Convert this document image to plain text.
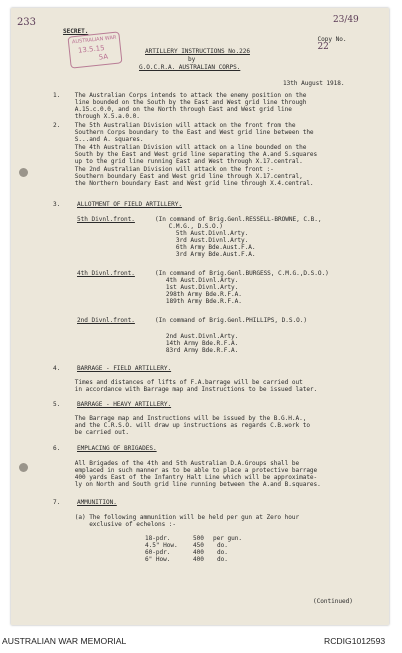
233
SECRET.
AUSTRALIAN WAR
13.5.15
5A
23/49

Copy No.
22

ARTILLERY INSTRUCTIONS No.226
by
G.O.C.R.A. AUSTRALIAN CORPS.
13th August 1918.
1.    The Australian Corps intends to attack the enemy position on the
line bounded on the South by the East and West grid line through
A.15.c.0.0, and on the North through East and West grid line
through X.5.a.0.0.
2.    The 5th Australian Division will attack on the front from the
Southern Corps boundary to the East and West grid line between the
S...and A. squares.
The 4th Australian Division will attack on a line bounded on the
South by the East and West grid line separating the A.and S.squares
up to the grid line running East and West through X.17.central.
The 2nd Australian Division will attack on the front :-
Southern boundary East and West grid line through X.17.central,
the Northern boundary East and West grid line through X.4.central.
3.	ALLOTMENT OF FIELD ARTILLERY.
5th Divnl.front.	(In command of Brig.Genl.RESSELL-BROWNE, C.B.,
C.M.G., D.S.O.)
5th Aust.Divnl.Arty.
3rd Aust.Divnl.Arty.
6th Army Bde.Aust.F.A.
3rd Army Bde.Aust.F.A.
4th Divnl.front.	(In command of Brig.Genl.BURGESS, C.M.G.,D.S.O.)
4th Aust.Divnl.Arty.
1st Aust.Divnl.Arty.
298th Army Bde.R.F.A.
189th Army Bde.R.F.A.
2nd Divnl.front.	(In command of Brig.Genl.PHILLIPS, D.S.O.)
2nd Aust.Divnl.Arty.
14th Army Bde.R.F.A.
83rd Army Bde.R.F.A.
4.	BARRAGE - FIELD ARTILLERY.
Times and distances of lifts of F.A.barrage will be carried out
in accordance with Barrage map and Instructions to be issued later.
5.	BARRAGE - HEAVY ARTILLERY.
The Barrage map and Instructions will be issued by the B.G.H.A.,
and the C.R.S.O. will draw up instructions as regards C.B.work to
be carried out.
6.	EMPLACING OF BRIGADES.
All Brigades of the 4th and 5th Australian D.A.Groups shall be
emplaced in such manner as to be able to place a protective barrage
400 yards East of the Infantry Halt Line which will be approximate-
ly on North and South grid line running between the A.and B.squares.
7.	AMMUNITION.
(a) The following ammunition will be held per gun at Zero hour
exclusive of echelons :-
18-pdr.	500 per gun.
4.5" How.	450 do.
60-pdr.	400 do.
6" How.	400 do.
(Continued)
AUSTRALIAN WAR MEMORIAL	RCDIG1012593
